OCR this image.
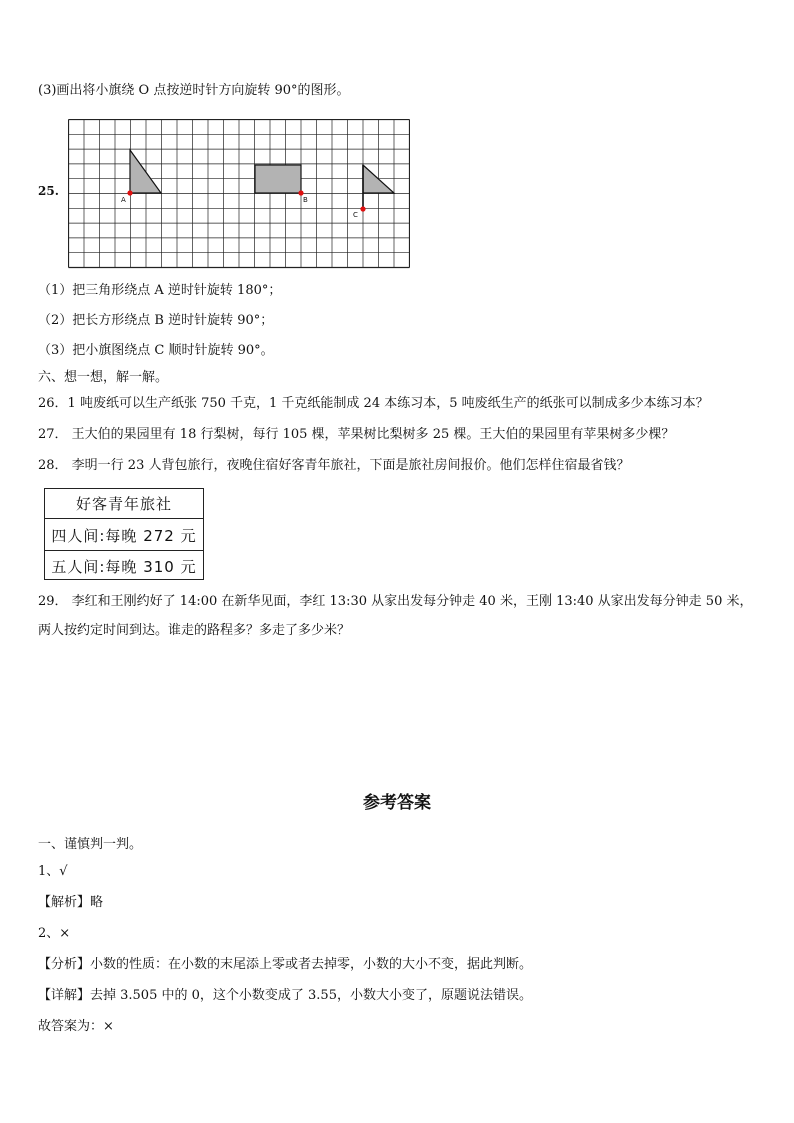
(3)画出将小旗绕 O 点按逆时针方向旋转 90°的图形。
25.
A	B
C
（1）把三角形绕点 A 逆时针旋转 180°；
（2）把长方形绕点 B 逆时针旋转 90°；
（3）把小旗图绕点 C 顺时针旋转 90°。
六、想一想，解一解。
26．1 吨废纸可以生产纸张 750 千克，1 千克纸能制成 24 本练习本，5 吨废纸生产的纸张可以制成多少本练习本？
27． 王大伯的果园里有 18 行梨树，每行 105 棵，苹果树比梨树多 25 棵。王大伯的果园里有苹果树多少棵？
28． 李明一行 23 人背包旅行，夜晚住宿好客青年旅社，下面是旅社房间报价。他们怎样住宿最省钱？
好客青年旅社
四人间:每晚 272 元
五人间:每晚 310 元
29． 李红和王刚约好了 14:00 在新华见面，李红 13:30 从家出发每分钟走 40 米，王刚 13:40 从家出发每分钟走 50 米，
两人按约定时间到达。谁走的路程多？多走了多少米？
参考答案
一、谨慎判一判。
1、√
【解析】略
2、×
【分析】小数的性质：在小数的末尾添上零或者去掉零，小数的大小不变，据此判断。
【详解】去掉 3.505 中的 0，这个小数变成了 3.55，小数大小变了，原题说法错误。
故答案为：×
